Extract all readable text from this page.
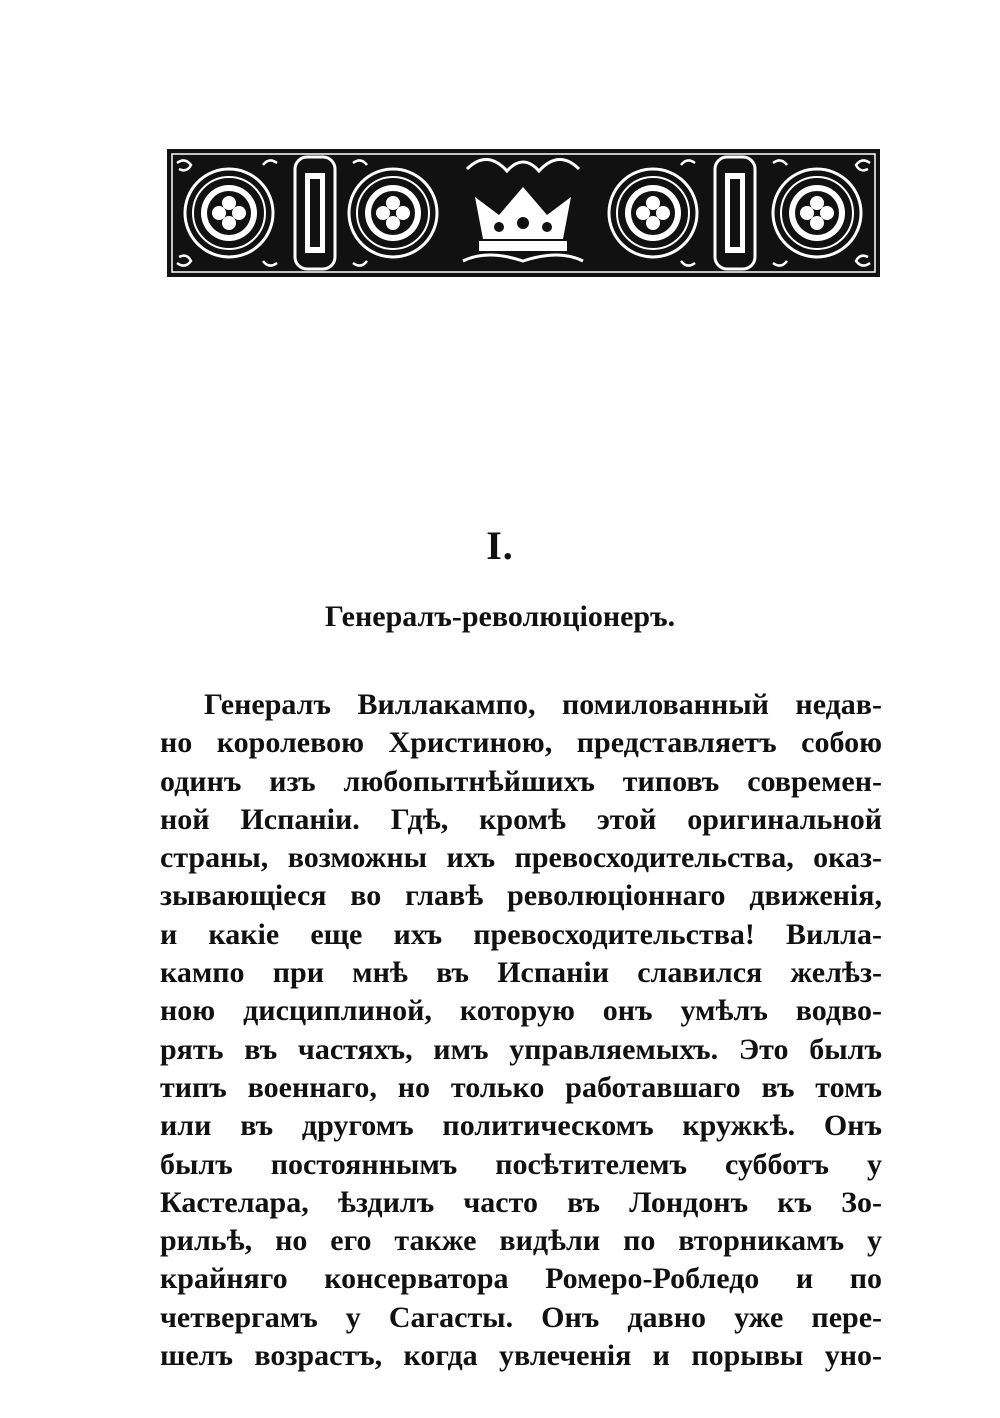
I.
Генералъ-революціонеръ.
Генералъ Виллакампо, помилованный недав-
но королевою Христиною, представляетъ собою
одинъ изъ любопытнѣйшихъ типовъ современ-
ной Испаніи. Гдѣ, кромѣ этой оригинальной
страны, возможны ихъ превосходительства, оказ-
зывающіеся во главѣ революціоннаго движенія,
и какіе еще ихъ превосходительства! Вилла-
кампо при мнѣ въ Испаніи славился желѣз-
ною дисциплиной, которую онъ умѣлъ водво-
рять въ частяхъ, имъ управляемыхъ. Это былъ
типъ военнаго, но только работавшаго въ томъ
или въ другомъ политическомъ кружкѣ. Онъ
былъ постояннымъ посѣтителемъ субботъ у
Кастелара, ѣздилъ часто въ Лондонъ къ Зо-
рильѣ, но его также видѣли по вторникамъ у
крайняго консерватора Ромеро-Робледо и по
четвергамъ у Сагасты. Онъ давно уже пере-
шелъ возрастъ, когда увлеченія и порывы уно-
